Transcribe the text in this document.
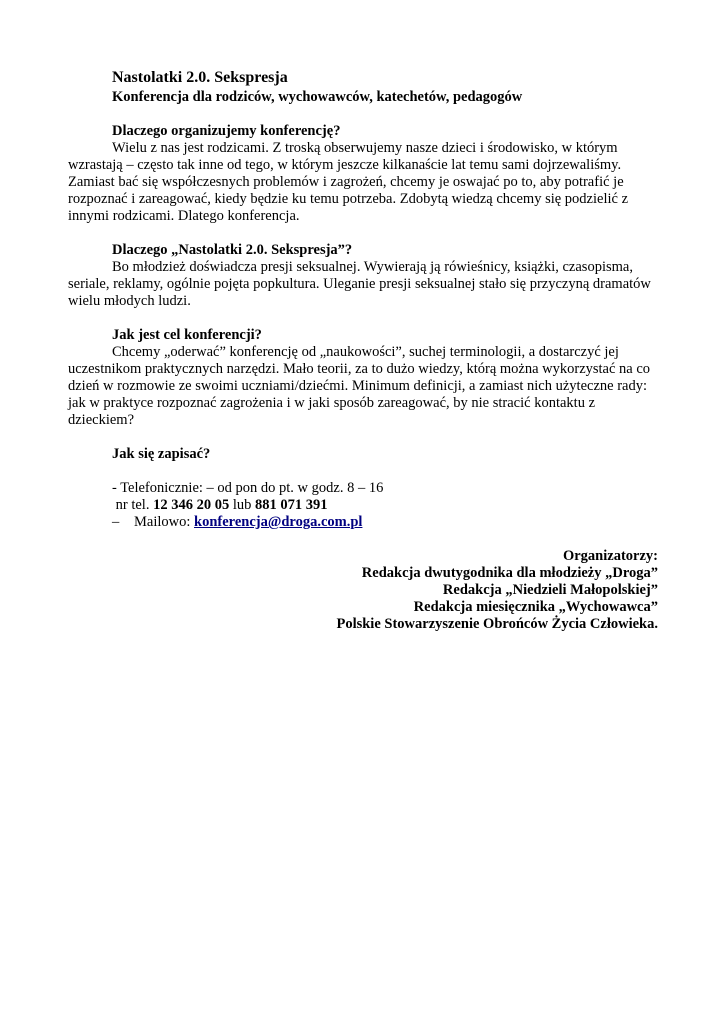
Nastolatki 2.0. Sekspresja
Konferencja dla rodziców, wychowawców, katechetów, pedagogów
Dlaczego organizujemy konferencję?

Wielu z nas jest rodzicami. Z troską obserwujemy nasze dzieci i środowisko, w którym wzrastają – często tak inne od tego, w którym jeszcze kilkanaście lat temu sami dojrzewaliśmy. Zamiast bać się współczesnych problemów i zagrożeń, chcemy je oswajać po to, aby potrafić je rozpoznać i zareagować, kiedy będzie ku temu potrzeba. Zdobytą wiedzą chcemy się podzielić z innymi rodzicami. Dlatego konferencja.

Dlaczego „Nastolatki 2.0. Sekspresja”?

Bo młodzież doświadcza presji seksualnej. Wywierają ją rówieśnicy, książki, czasopisma, seriale, reklamy, ogólnie pojęta popkultura. Uleganie presji seksualnej stało się przyczyną dramatów wielu młodych ludzi.

Jak jest cel konferencji?

Chcemy „oderwać” konferencję od „naukowości”, suchej terminologii, a dostarczyć jej uczestnikom praktycznych narzędzi. Mało teorii, za to dużo wiedzy, którą można wykorzystać na co dzień w rozmowie ze swoimi uczniami/dziećmi. Minimum definicji, a zamiast nich użyteczne rady: jak w praktyce rozpoznać zagrożenia i w jaki sposób zareagować, by nie stracić kontaktu z dzieckiem?

Jak się zapisać?
- Telefonicznie: – od pon do pt. w godz. 8 – 16
nr tel. 12 346 20 05 lub 881 071 391
– Mailowo: konferencja@droga.com.pl
Organizatorzy:
Redakcja dwutygodnika dla młodzieży „Droga”
Redakcja „Niedzieli Małopolskiej”
Redakcja miesięcznika „Wychowawca”
Polskie Stowarzyszenie Obrońców Życia Człowieka.
